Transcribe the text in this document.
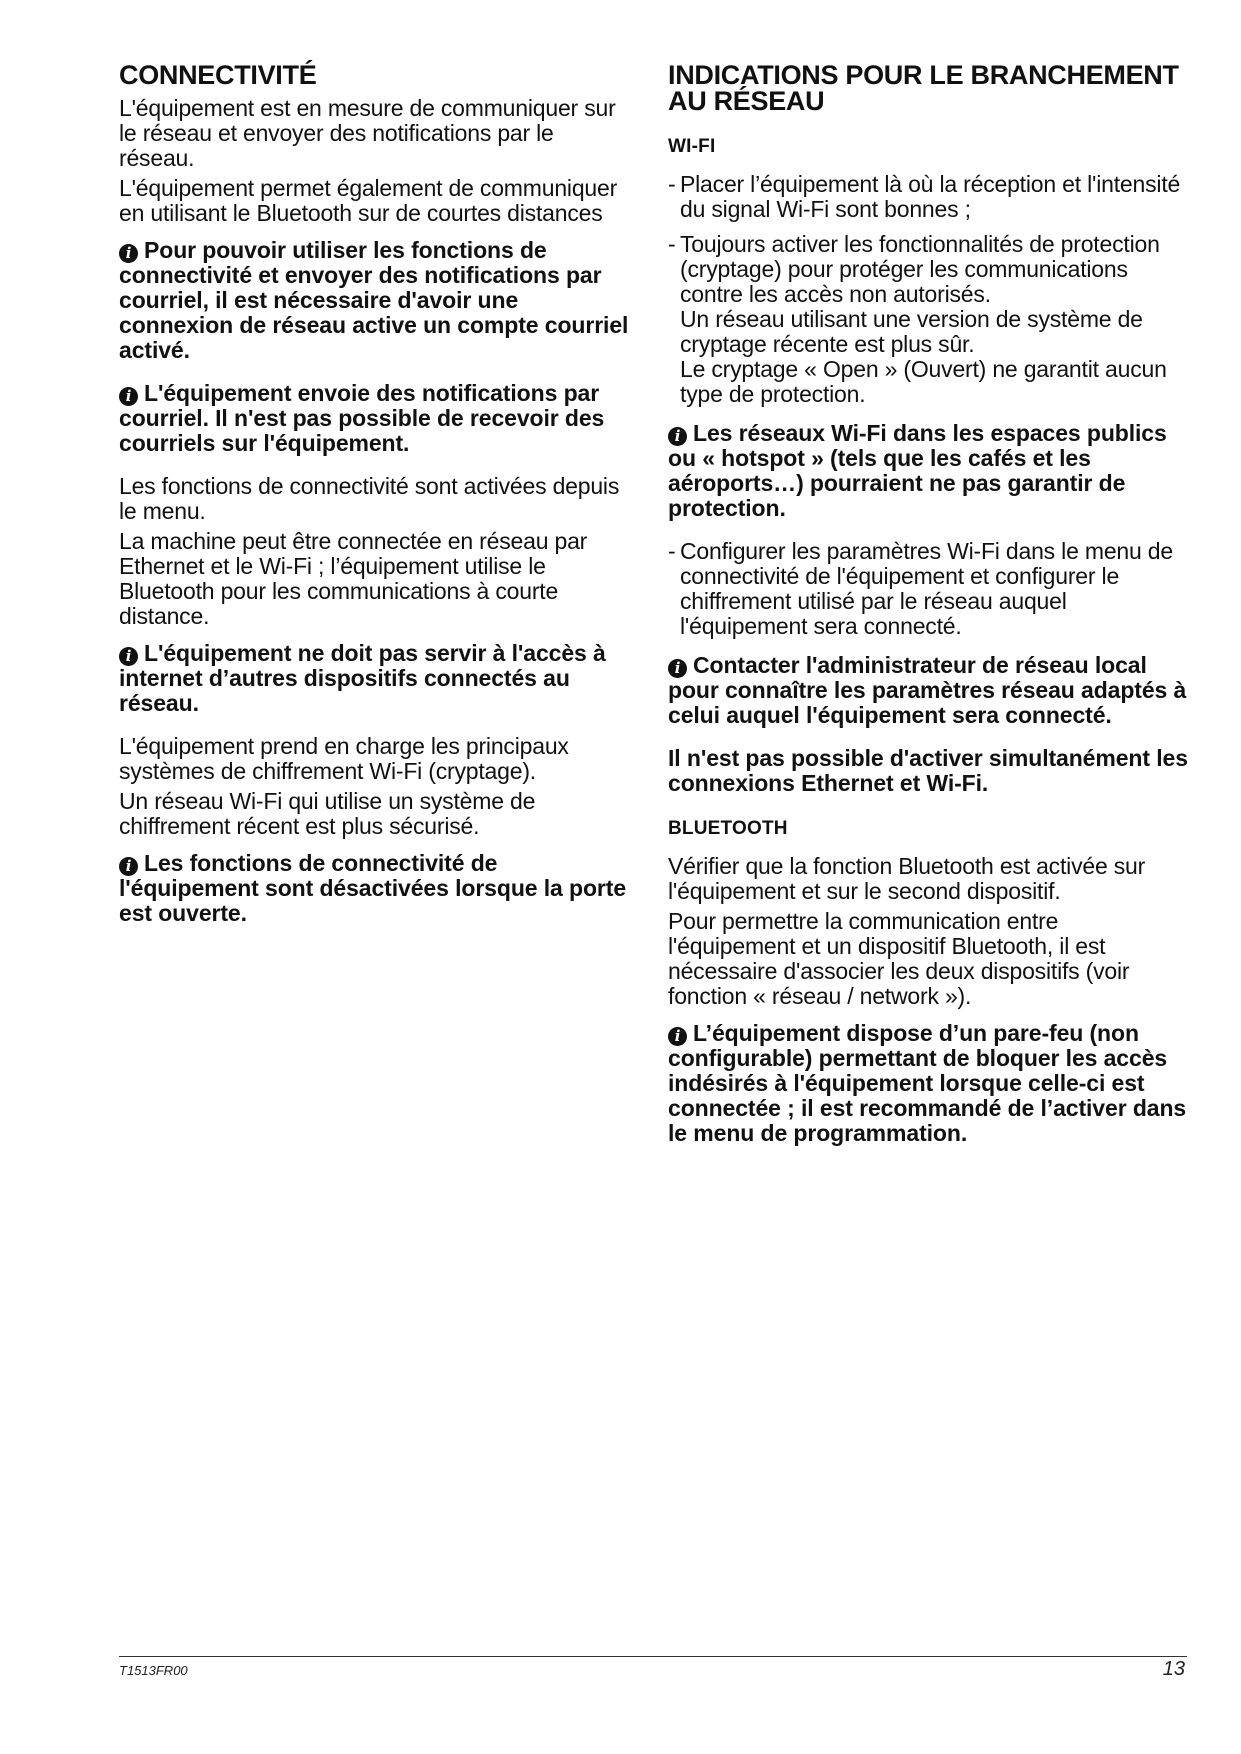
CONNECTIVITÉ

L'équipement est en mesure de communiquer sur le réseau et envoyer des notifications par le réseau.

L'équipement permet également de communiquer en utilisant le Bluetooth sur de courtes distances

i Pour pouvoir utiliser les fonctions de connectivité et envoyer des notifications par courriel, il est nécessaire d'avoir une connexion de réseau active un compte courriel activé.
i L'équipement envoie des notifications par courriel. Il n'est pas possible de recevoir des courriels sur l'équipement.

Les fonctions de connectivité sont activées depuis le menu.

La machine peut être connectée en réseau par Ethernet et le Wi-Fi ; l’équipement utilise le Bluetooth pour les communications à courte distance.

i L'équipement ne doit pas servir à l'accès à internet d’autres dispositifs connectés au réseau.

L'équipement prend en charge les principaux systèmes de chiffrement Wi-Fi (cryptage).

Un réseau Wi-Fi qui utilise un système de chiffrement récent est plus sécurisé.

i Les fonctions de connectivité de l'équipement sont désactivées lorsque la porte est ouverte.
INDICATIONS POUR LE BRANCHEMENT AU RÉSEAU
WI-FI
- Placer l’équipement là où la réception et l'intensité du signal Wi-Fi sont bonnes ;
- Toujours activer les fonctionnalités de protection (cryptage) pour protéger les communications contre les accès non autorisés.
Un réseau utilisant une version de système de cryptage récente est plus sûr.
Le cryptage « Open » (Ouvert) ne garantit aucun type de protection.
i Les réseaux Wi-Fi dans les espaces publics ou « hotspot » (tels que les cafés et les aéroports…) pourraient ne pas garantir de protection.
- Configurer les paramètres Wi-Fi dans le menu de connectivité de l'équipement et configurer le chiffrement utilisé par le réseau auquel l'équipement sera connecté.
i Contacter l'administrateur de réseau local pour connaître les paramètres réseau adaptés à celui auquel l'équipement sera connecté.
Il n'est pas possible d'activer simultanément les connexions Ethernet et Wi-Fi.
BLUETOOTH

Vérifier que la fonction Bluetooth est activée sur l'équipement et sur le second dispositif.

Pour permettre la communication entre l'équipement et un dispositif Bluetooth, il est nécessaire d'associer les deux dispositifs (voir fonction « réseau / network »).

i L’équipement dispose d’un pare-feu (non configurable) permettant de bloquer les accès indésirés à l'équipement lorsque celle-ci est connectée ; il est recommandé de l’activer dans le menu de programmation.
T1513FR00	13
